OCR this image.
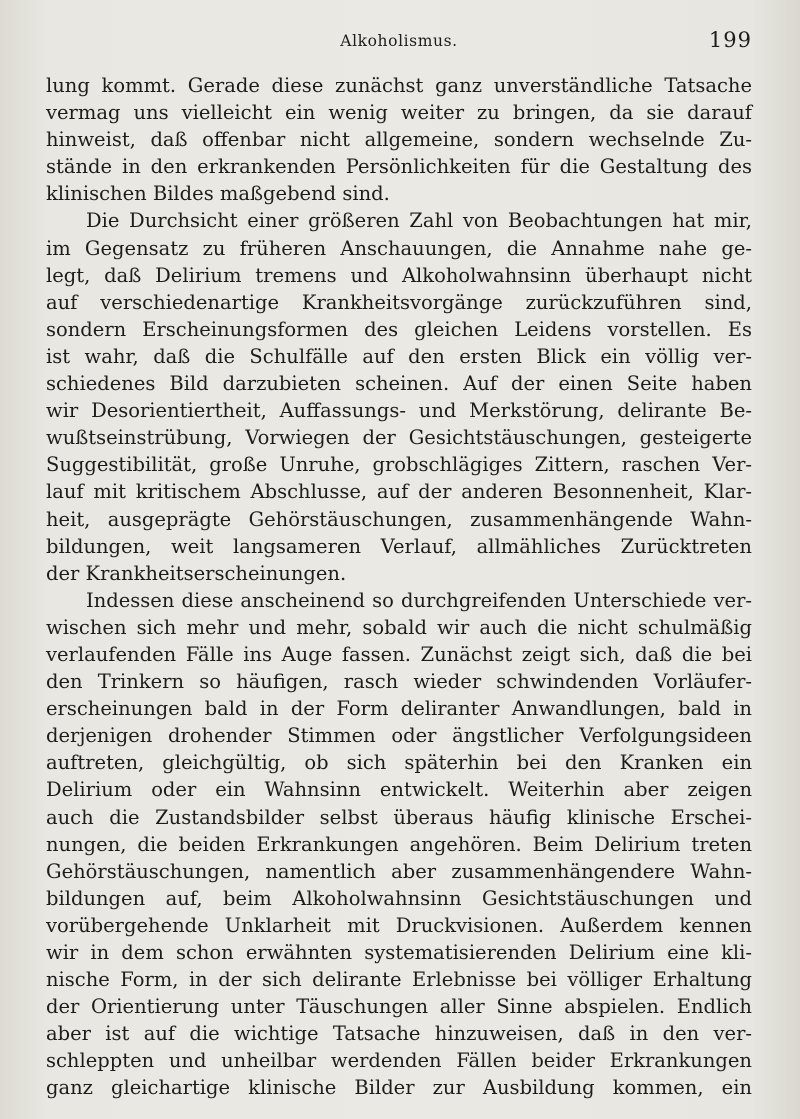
Alkoholismus.	199
lung kommt. Gerade diese zunächst ganz unverständliche Tatsache
vermag uns vielleicht ein wenig weiter zu bringen, da sie darauf
hinweist, daß offenbar nicht allgemeine, sondern wechselnde Zu-
stände in den erkrankenden Persönlichkeiten für die Gestaltung des
klinischen Bildes maßgebend sind.
Die Durchsicht einer größeren Zahl von Beobachtungen hat mir,
im Gegensatz zu früheren Anschauungen, die Annahme nahe ge-
legt, daß Delirium tremens und Alkoholwahnsinn überhaupt nicht
auf verschiedenartige Krankheitsvorgänge zurückzuführen sind,
sondern Erscheinungsformen des gleichen Leidens vorstellen. Es
ist wahr, daß die Schulfälle auf den ersten Blick ein völlig ver-
schiedenes Bild darzubieten scheinen. Auf der einen Seite haben
wir Desorientiertheit, Auffassungs- und Merkstörung, delirante Be-
wußtseinstrübung, Vorwiegen der Gesichtstäuschungen, gesteigerte
Suggestibilität, große Unruhe, grobschlägiges Zittern, raschen Ver-
lauf mit kritischem Abschlusse, auf der anderen Besonnenheit, Klar-
heit, ausgeprägte Gehörstäuschungen, zusammenhängende Wahn-
bildungen, weit langsameren Verlauf, allmähliches Zurücktreten
der Krankheitserscheinungen.
Indessen diese anscheinend so durchgreifenden Unterschiede ver-
wischen sich mehr und mehr, sobald wir auch die nicht schulmäßig
verlaufenden Fälle ins Auge fassen. Zunächst zeigt sich, daß die bei
den Trinkern so häufigen, rasch wieder schwindenden Vorläufer-
erscheinungen bald in der Form deliranter Anwandlungen, bald in
derjenigen drohender Stimmen oder ängstlicher Verfolgungsideen
auftreten, gleichgültig, ob sich späterhin bei den Kranken ein
Delirium oder ein Wahnsinn entwickelt. Weiterhin aber zeigen
auch die Zustandsbilder selbst überaus häufig klinische Erschei-
nungen, die beiden Erkrankungen angehören. Beim Delirium treten
Gehörstäuschungen, namentlich aber zusammenhängendere Wahn-
bildungen auf, beim Alkoholwahnsinn Gesichtstäuschungen und
vorübergehende Unklarheit mit Druckvisionen. Außerdem kennen
wir in dem schon erwähnten systematisierenden Delirium eine kli-
nische Form, in der sich delirante Erlebnisse bei völliger Erhaltung
der Orientierung unter Täuschungen aller Sinne abspielen. Endlich
aber ist auf die wichtige Tatsache hinzuweisen, daß in den ver-
schleppten und unheilbar werdenden Fällen beider Erkrankungen
ganz gleichartige klinische Bilder zur Ausbildung kommen, ein
